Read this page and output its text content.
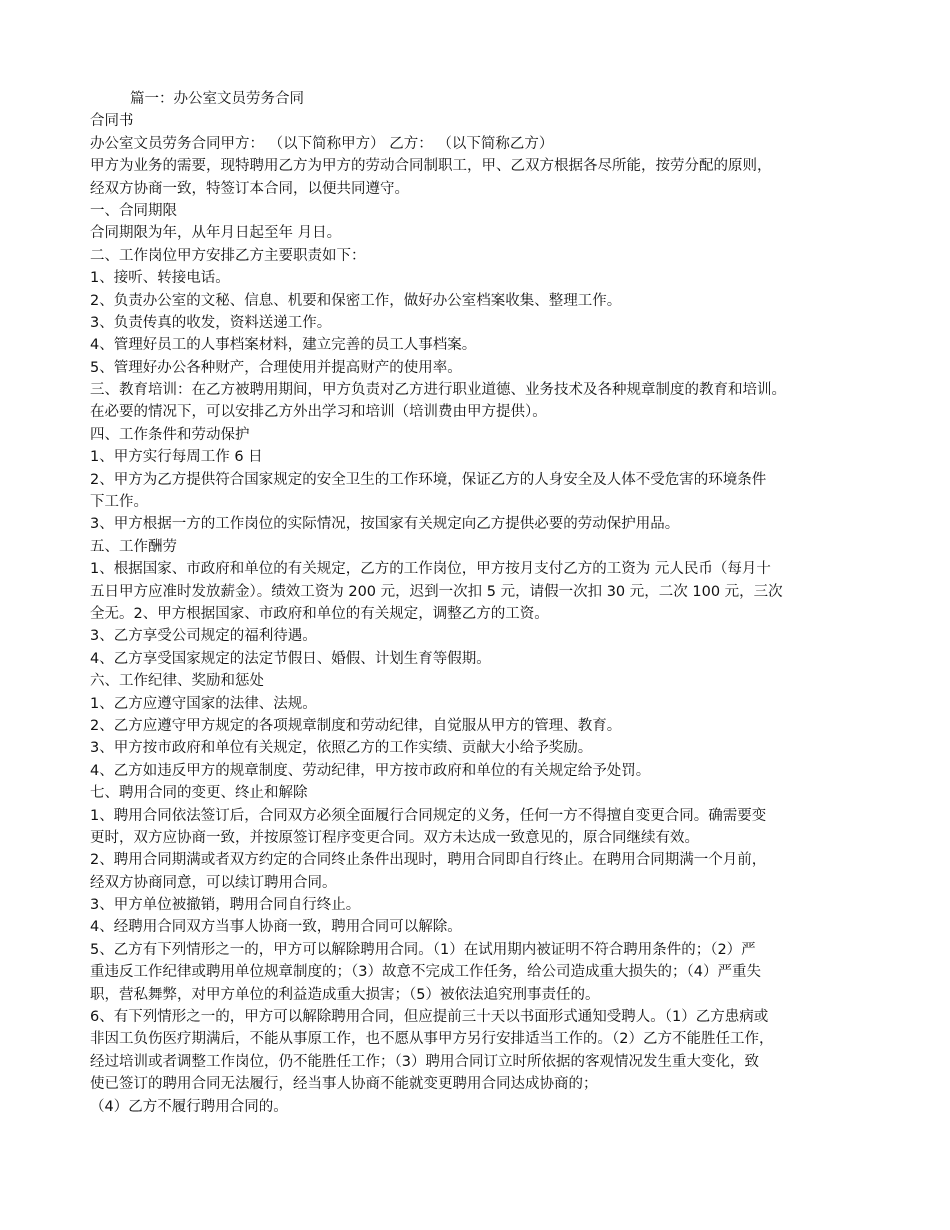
篇一：办公室文员劳务合同
合同书
办公室文员劳务合同甲方： （以下简称甲方） 乙方： （以下简称乙方）
甲方为业务的需要，现特聘用乙方为甲方的劳动合同制职工，甲、乙双方根据各尽所能，按劳分配的原则，
经双方协商一致，特签订本合同，以便共同遵守。
一、合同期限
合同期限为年，从年月日起至年 月日。
二、工作岗位甲方安排乙方主要职责如下：
1、接听、转接电话。
2、负责办公室的文秘、信息、机要和保密工作，做好办公室档案收集、整理工作。
3、负责传真的收发，资料送递工作。
4、管理好员工的人事档案材料，建立完善的员工人事档案。
5、管理好办公各种财产，合理使用并提高财产的使用率。
三、教育培训：在乙方被聘用期间，甲方负责对乙方进行职业道德、业务技术及各种规章制度的教育和培训。
在必要的情况下，可以安排乙方外出学习和培训（培训费由甲方提供）。
四、工作条件和劳动保护
1、甲方实行每周工作 6 日
2、甲方为乙方提供符合国家规定的安全卫生的工作环境，保证乙方的人身安全及人体不受危害的环境条件
下工作。
3、甲方根据一方的工作岗位的实际情况，按国家有关规定向乙方提供必要的劳动保护用品。
五、工作酬劳
1、根据国家、市政府和单位的有关规定，乙方的工作岗位，甲方按月支付乙方的工资为 元人民币（每月十
五日甲方应准时发放薪金）。绩效工资为 200 元，迟到一次扣 5 元，请假一次扣 30 元，二次 100 元，三次
全无。2、甲方根据国家、市政府和单位的有关规定，调整乙方的工资。
3、乙方享受公司规定的福利待遇。
4、乙方享受国家规定的法定节假日、婚假、计划生育等假期。
六、工作纪律、奖励和惩处
1、乙方应遵守国家的法律、法规。
2、乙方应遵守甲方规定的各项规章制度和劳动纪律，自觉服从甲方的管理、教育。
3、甲方按市政府和单位有关规定，依照乙方的工作实绩、贡献大小给予奖励。
4、乙方如违反甲方的规章制度、劳动纪律，甲方按市政府和单位的有关规定给予处罚。
七、聘用合同的变更、终止和解除
1、聘用合同依法签订后，合同双方必须全面履行合同规定的义务，任何一方不得擅自变更合同。确需要变
更时，双方应协商一致，并按原签订程序变更合同。双方未达成一致意见的，原合同继续有效。
2、聘用合同期满或者双方约定的合同终止条件出现时，聘用合同即自行终止。在聘用合同期满一个月前，
经双方协商同意，可以续订聘用合同。
3、甲方单位被撤销，聘用合同自行终止。
4、经聘用合同双方当事人协商一致，聘用合同可以解除。
5、乙方有下列情形之一的，甲方可以解除聘用合同。（1）在试用期内被证明不符合聘用条件的；（2）严
重违反工作纪律或聘用单位规章制度的；（3）故意不完成工作任务，给公司造成重大损失的；（4）严重失
职，营私舞弊，对甲方单位的利益造成重大损害；（5）被依法追究刑事责任的。
6、有下列情形之一的，甲方可以解除聘用合同，但应提前三十天以书面形式通知受聘人。（1）乙方患病或
非因工负伤医疗期满后，不能从事原工作，也不愿从事甲方另行安排适当工作的。（2）乙方不能胜任工作，
经过培训或者调整工作岗位，仍不能胜任工作；（3）聘用合同订立时所依据的客观情况发生重大变化，致
使已签订的聘用合同无法履行，经当事人协商不能就变更聘用合同达成协商的；
（4）乙方不履行聘用合同的。
